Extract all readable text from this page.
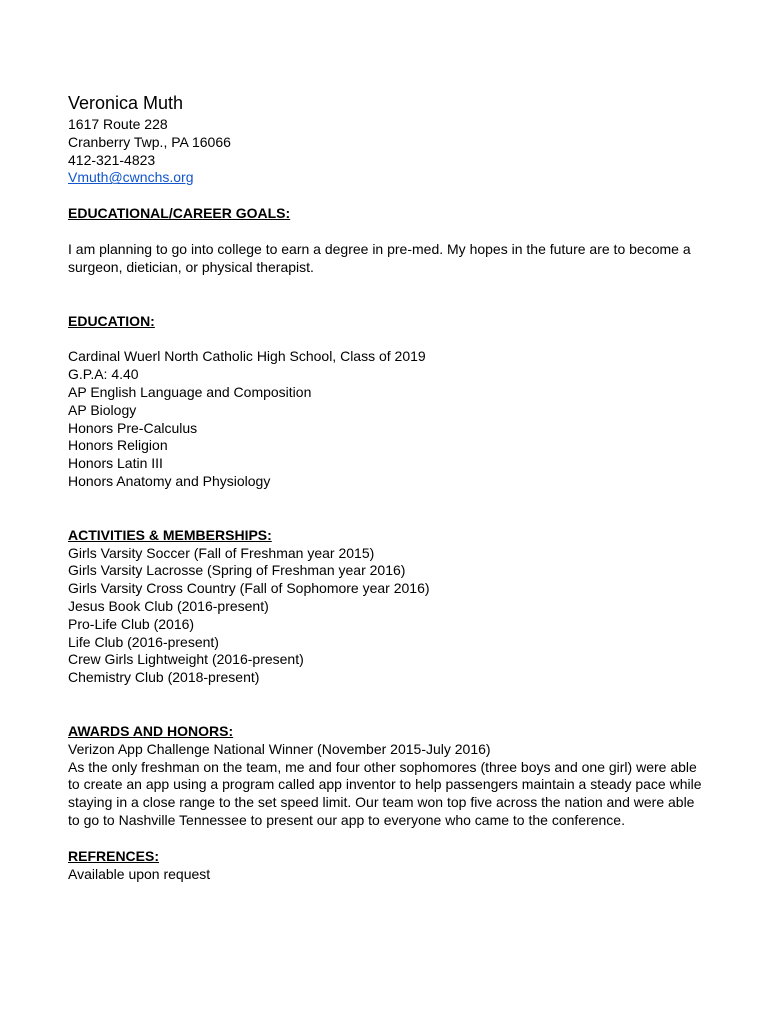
Veronica Muth
1617 Route 228
Cranberry Twp., PA 16066
412-321-4823
Vmuth@cwnchs.org
EDUCATIONAL/CAREER GOALS:
I am planning to go into college to earn a degree in pre-med. My hopes in the future are to become a surgeon, dietician, or physical therapist.
EDUCATION:
Cardinal Wuerl North Catholic High School, Class of 2019
G.P.A: 4.40
AP English Language and Composition
AP Biology
Honors Pre-Calculus
Honors Religion
Honors Latin III
Honors Anatomy and Physiology
ACTIVITIES & MEMBERSHIPS:
Girls Varsity Soccer (Fall of Freshman year 2015)
Girls Varsity Lacrosse (Spring of Freshman year 2016)
Girls Varsity Cross Country (Fall of Sophomore year 2016)
Jesus Book Club (2016-present)
Pro-Life Club (2016)
Life Club (2016-present)
Crew Girls Lightweight (2016-present)
Chemistry Club (2018-present)
AWARDS AND HONORS:
Verizon App Challenge National Winner (November 2015-July 2016)
As the only freshman on the team, me and four other sophomores (three boys and one girl) were able to create an app using a program called app inventor to help passengers maintain a steady pace while staying in a close range to the set speed limit. Our team won top five across the nation and were able to go to Nashville Tennessee to present our app to everyone who came to the conference.
REFRENCES:
Available upon request
